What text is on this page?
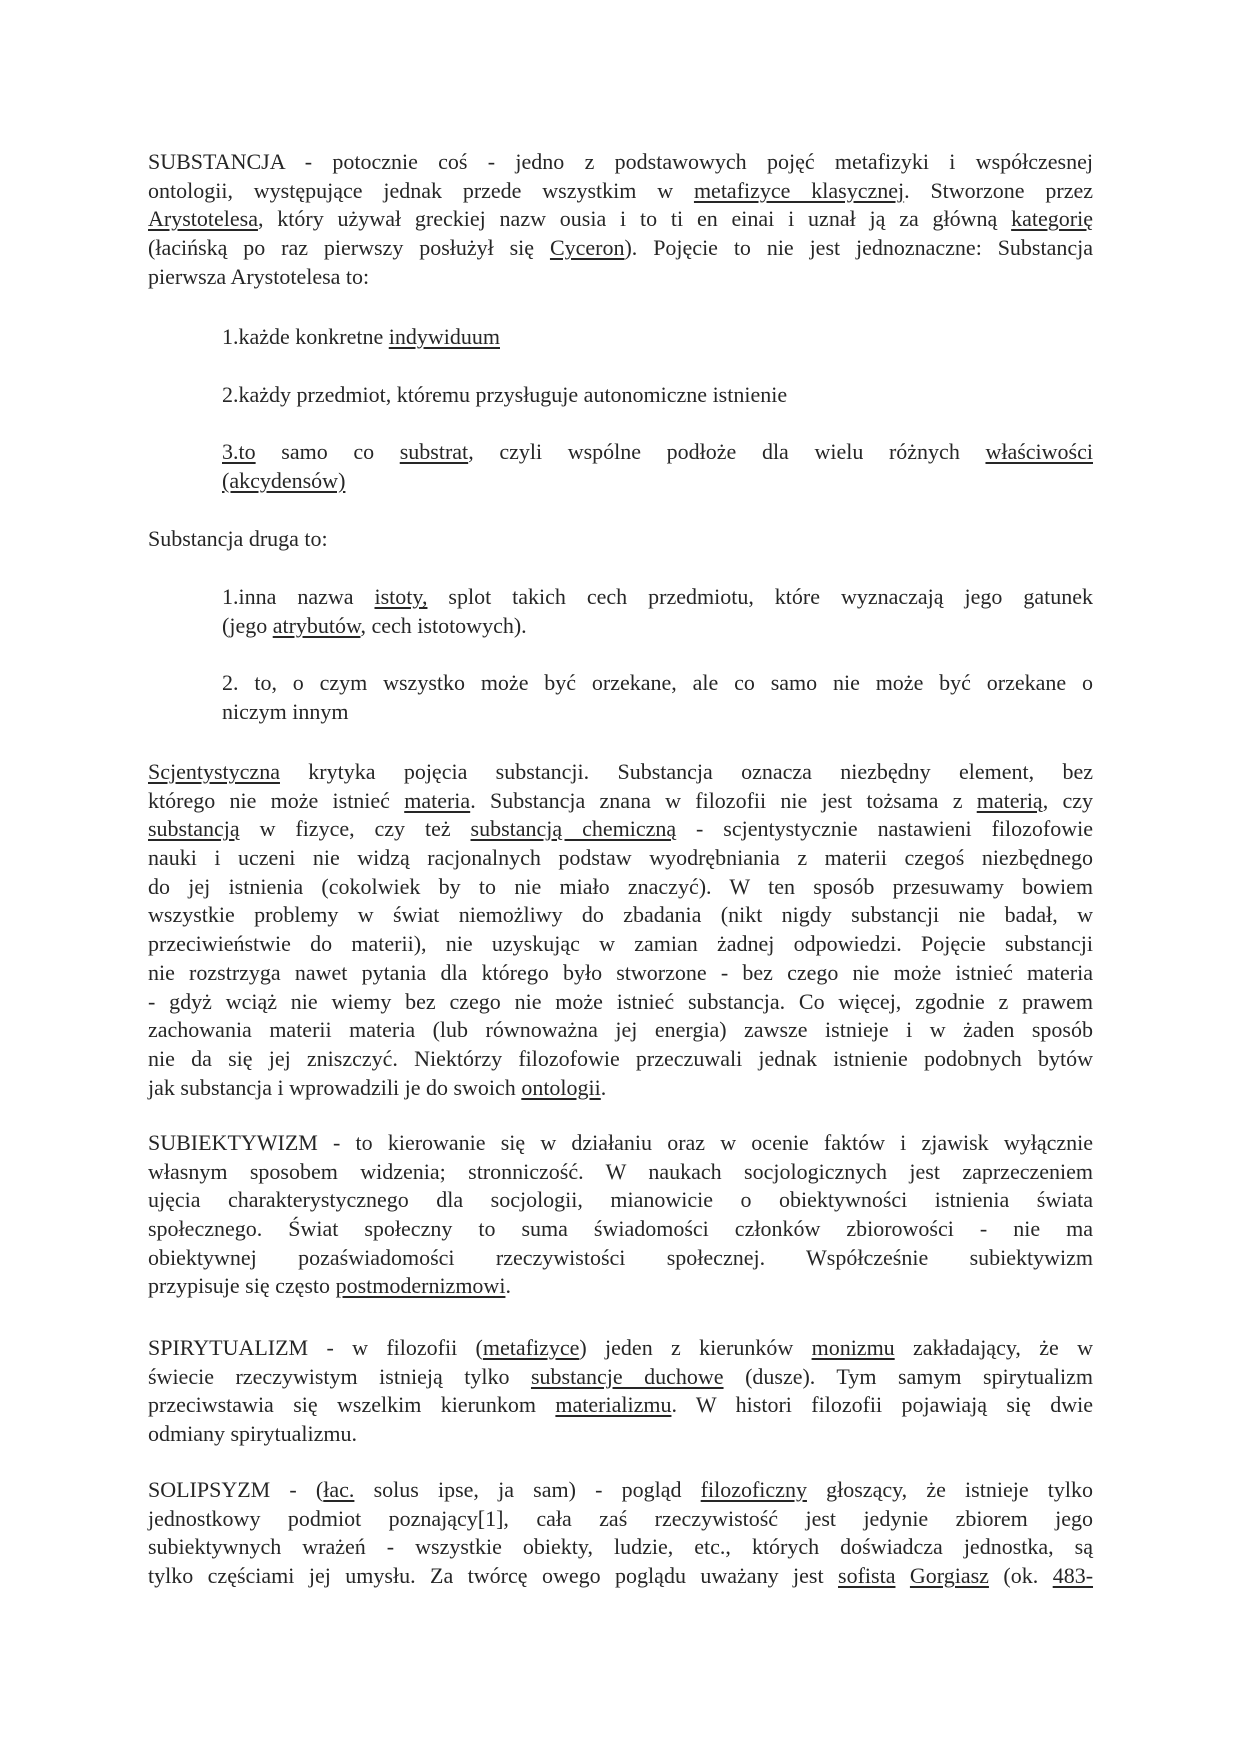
SUBSTANCJA - potocznie coś - jedno z podstawowych pojęć metafizyki i współczesnej
ontologii, występujące jednak przede wszystkim w metafizyce klasycznej. Stworzone przez
Arystotelesa, który używał greckiej nazw ousia i to ti en einai i uznał ją za główną kategorię
(łacińską po raz pierwszy posłużył się Cyceron). Pojęcie to nie jest jednoznaczne: Substancja
pierwsza Arystotelesa to:
1.każde konkretne indywiduum
2.każdy przedmiot, któremu przysługuje autonomiczne istnienie
3.to samo co substrat, czyli wspólne podłoże dla wielu różnych właściwości
(akcydensów)
Substancja druga to:
1.inna nazwa istoty, splot takich cech przedmiotu, które wyznaczają jego gatunek
(jego atrybutów, cech istotowych).
2. to, o czym wszystko może być orzekane, ale co samo nie może być orzekane o
niczym innym
Scjentystyczna krytyka pojęcia substancji. Substancja oznacza niezbędny element, bez
którego nie może istnieć materia. Substancja znana w filozofii nie jest tożsama z materią, czy
substancją w fizyce, czy też substancją chemiczną - scjentystycznie nastawieni filozofowie
nauki i uczeni nie widzą racjonalnych podstaw wyodrębniania z materii czegoś niezbędnego
do jej istnienia (cokolwiek by to nie miało znaczyć). W ten sposób przesuwamy bowiem
wszystkie problemy w świat niemożliwy do zbadania (nikt nigdy substancji nie badał, w
przeciwieństwie do materii), nie uzyskując w zamian żadnej odpowiedzi. Pojęcie substancji
nie rozstrzyga nawet pytania dla którego było stworzone - bez czego nie może istnieć materia
- gdyż wciąż nie wiemy bez czego nie może istnieć substancja. Co więcej, zgodnie z prawem
zachowania materii materia (lub równoważna jej energia) zawsze istnieje i w żaden sposób
nie da się jej zniszczyć. Niektórzy filozofowie przeczuwali jednak istnienie podobnych bytów
jak substancja i wprowadzili je do swoich ontologii.
SUBIEKTYWIZM - to kierowanie się w działaniu oraz w ocenie faktów i zjawisk wyłącznie
własnym sposobem widzenia; stronniczość. W naukach socjologicznych jest zaprzeczeniem
ujęcia charakterystycznego dla socjologii, mianowicie o obiektywności istnienia świata
społecznego. Świat społeczny to suma świadomości członków zbiorowości - nie ma
obiektywnej pozaświadomości rzeczywistości społecznej. Współcześnie subiektywizm
przypisuje się często postmodernizmowi.
SPIRYTUALIZM - w filozofii (metafizyce) jeden z kierunków monizmu zakładający, że w
świecie rzeczywistym istnieją tylko substancje duchowe (dusze). Tym samym spirytualizm
przeciwstawia się wszelkim kierunkom materializmu. W histori filozofii pojawiają się dwie
odmiany spirytualizmu.
SOLIPSYZM - (łac. solus ipse, ja sam) - pogląd filozoficzny głoszący, że istnieje tylko
jednostkowy podmiot poznający[1], cała zaś rzeczywistość jest jedynie zbiorem jego
subiektywnych wrażeń - wszystkie obiekty, ludzie, etc., których doświadcza jednostka, są
tylko częściami jej umysłu. Za twórcę owego poglądu uważany jest sofista Gorgiasz (ok. 483-
